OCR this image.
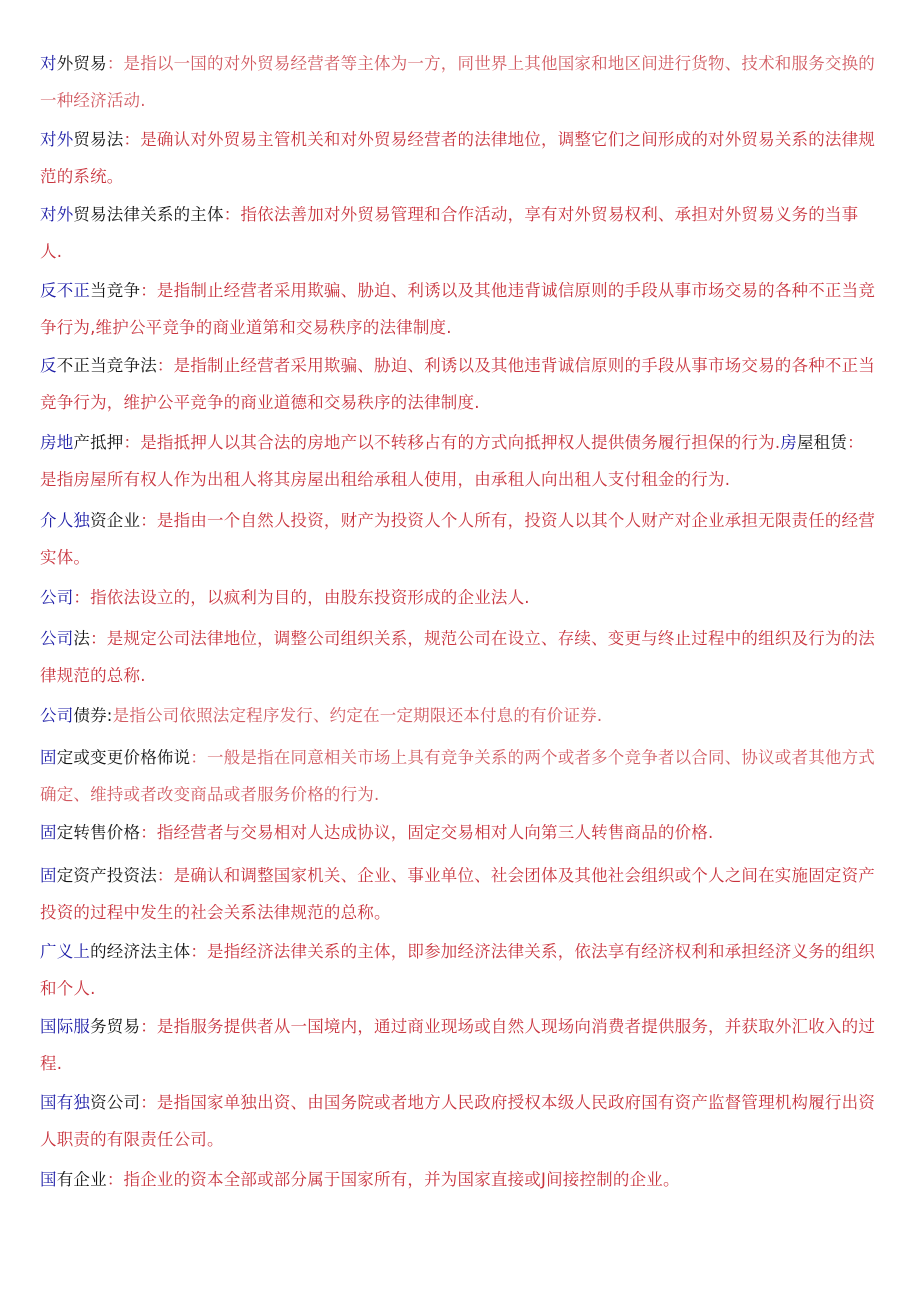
对外贸易：是指以一国的对外贸易经营者等主体为一方，同世界上其他国家和地区间进行货物、技术和服务交换的一种经济活动.

对外贸易法：是确认对外贸易主管机关和对外贸易经营者的法律地位，调整它们之间形成的对外贸易关系的法律规范的系统。

对外贸易法律关系的主体：指依法善加对外贸易管理和合作活动，享有对外贸易权利、承担对外贸易义务的当事人.

反不正当竞争：是指制止经营者采用欺骗、胁迫、利诱以及其他违背诚信原则的手段从事市场交易的各种不正当竞争行为,维护公平竞争的商业道第和交易秩序的法律制度.

反不正当竞争法：是指制止经营者采用欺骗、胁迫、利诱以及其他违背诚信原则的手段从事市场交易的各种不正当竞争行为，维护公平竞争的商业道德和交易秩序的法律制度.

房地产抵押：是指抵押人以其合法的房地产以不转移占有的方式向抵押权人提供债务履行担保的行为.房屋租赁：是指房屋所有权人作为出租人将其房屋出租给承租人使用，由承租人向出租人支付租金的行为.

介人独资企业：是指由一个自然人投资，财产为投资人个人所有，投资人以其个人财产对企业承担无限责任的经营实体。

公司：指依法设立的，以疯利为目的，由股东投资形成的企业法人.

公司法：是规定公司法律地位，调整公司组织关系，规范公司在设立、存续、变更与终止过程中的组织及行为的法律规范的总称.

公司债券:是指公司依照法定程序发行、约定在一定期限还本付息的有价证券.

固定或变更价格佈说：一般是指在同意相关市场上具有竞争关系的两个或者多个竞争者以合同、协议或者其他方式确定、维持或者改变商品或者服务价格的行为.

固定转售价格：指经营者与交易相对人达成协议，固定交易相对人向第三人转售商品的价格.

固定资产投资法：是确认和调整国家机关、企业、事业单位、社会团体及其他社会组织或个人之间在实施固定资产投资的过程中发生的社会关系法律规范的总称。

广义上的经济法主体：是指经济法律关系的主体，即参加经济法律关系，依法享有经济权利和承担经济义务的组织和个人.

国际服务贸易：是指服务提供者从一国境内，通过商业现场或自然人现场向消费者提供服务，并获取外汇收入的过程.

国有独资公司：是指国家单独出资、由国务院或者地方人民政府授权本级人民政府国有资产监督管理机构履行出资人职责的有限责任公司。

国有企业：指企业的资本全部或部分属于国家所有，并为国家直接或J间接控制的企业。
